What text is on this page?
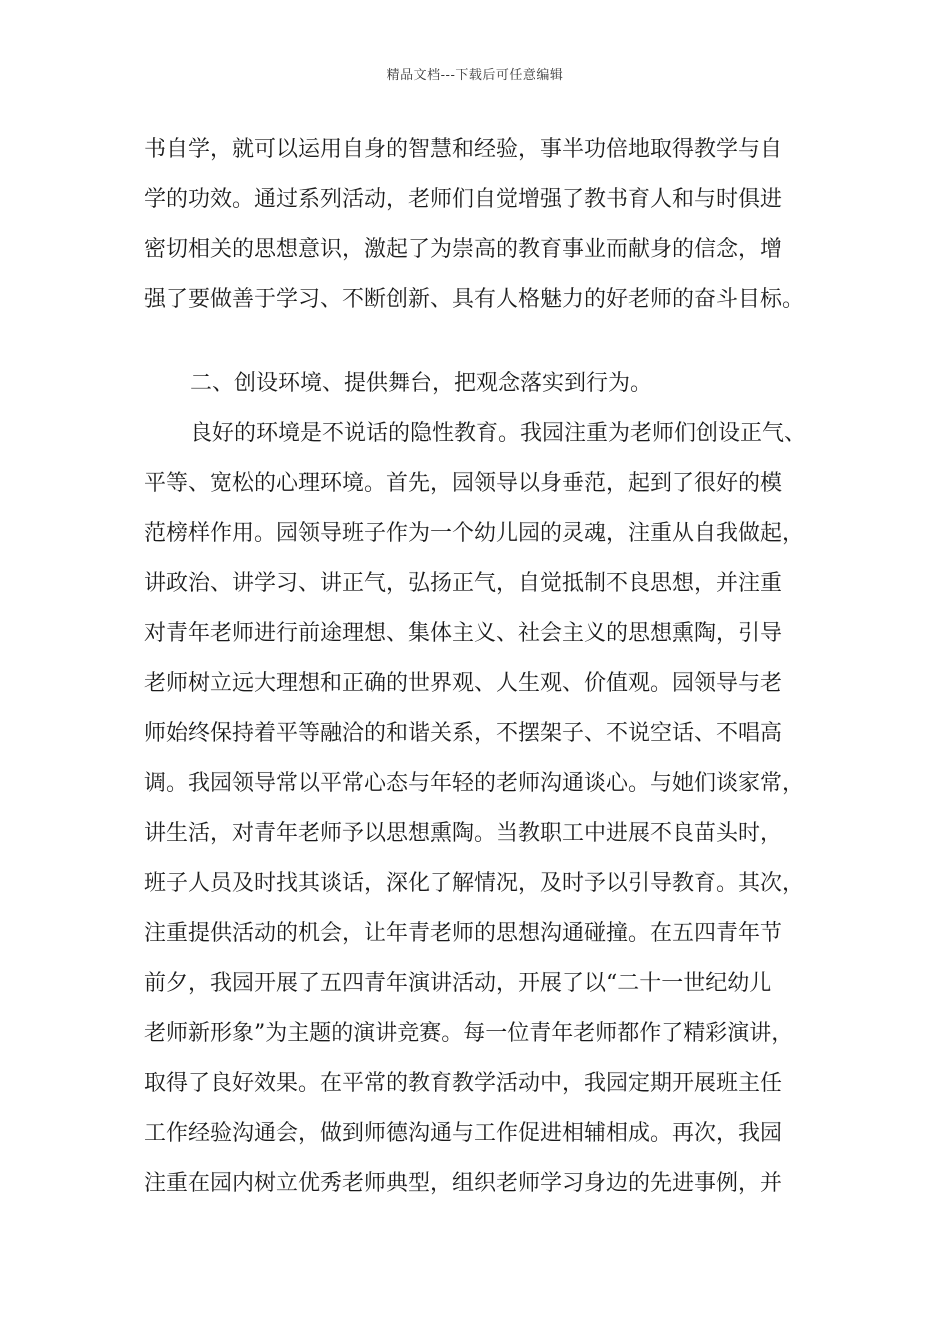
精品文档---下载后可任意编辑
书自学，就可以运用自身的智慧和经验，事半功倍地取得教学与自
学的功效。通过系列活动，老师们自觉增强了教书育人和与时俱进
密切相关的思想意识，激起了为崇高的教育事业而献身的信念，增
强了要做善于学习、不断创新、具有人格魅力的好老师的奋斗目标。
二、创设环境、提供舞台，把观念落实到行为。
良好的环境是不说话的隐性教育。我园注重为老师们创设正气、
平等、宽松的心理环境。首先，园领导以身垂范，起到了很好的模
范榜样作用。园领导班子作为一个幼儿园的灵魂，注重从自我做起，
讲政治、讲学习、讲正气，弘扬正气，自觉抵制不良思想，并注重
对青年老师进行前途理想、集体主义、社会主义的思想熏陶，引导
老师树立远大理想和正确的世界观、人生观、价值观。园领导与老
师始终保持着平等融洽的和谐关系，不摆架子、不说空话、不唱高
调。我园领导常以平常心态与年轻的老师沟通谈心。与她们谈家常，
讲生活，对青年老师予以思想熏陶。当教职工中进展不良苗头时，
班子人员及时找其谈话，深化了解情况，及时予以引导教育。其次，
注重提供活动的机会，让年青老师的思想沟通碰撞。在五四青年节
前夕，我园开展了五四青年演讲活动，开展了以“二十一世纪幼儿
老师新形象”为主题的演讲竞赛。每一位青年老师都作了精彩演讲，
取得了良好效果。在平常的教育教学活动中，我园定期开展班主任
工作经验沟通会，做到师德沟通与工作促进相辅相成。再次，我园
注重在园内树立优秀老师典型，组织老师学习身边的先进事例，并
